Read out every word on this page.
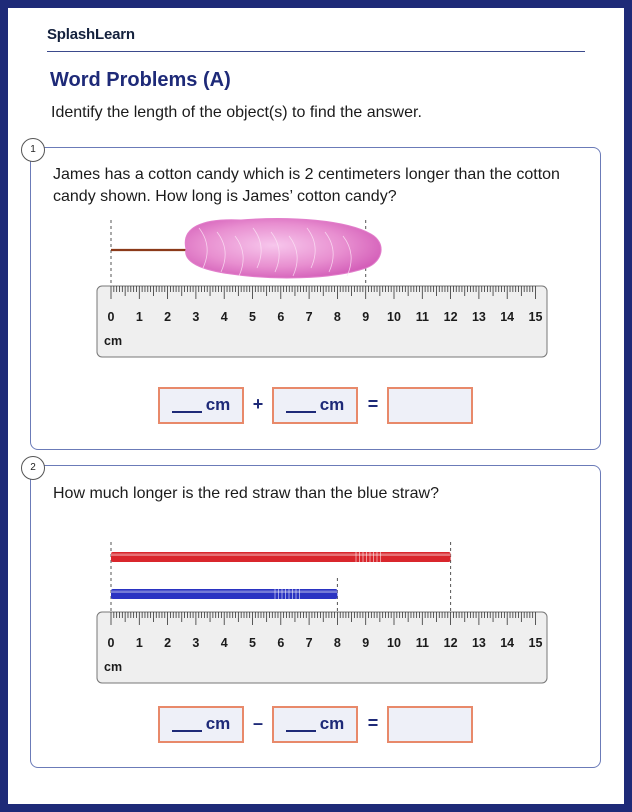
SplashLearn
Word Problems (A)
Identify the length of the object(s) to find the answer.
1
James has a cotton candy which is 2 centimeters longer than the cotton candy shown. How long is James’ cotton candy?
0 1 2 3 4 5 6 7 8 9 10 11 12 13 14 15
cm
cm +	cm =
2
How much longer is the red straw than the blue straw?
0 1 2 3 4 5 6 7 8 9 10 11 12 13 14 15
cm
cm –	cm =
